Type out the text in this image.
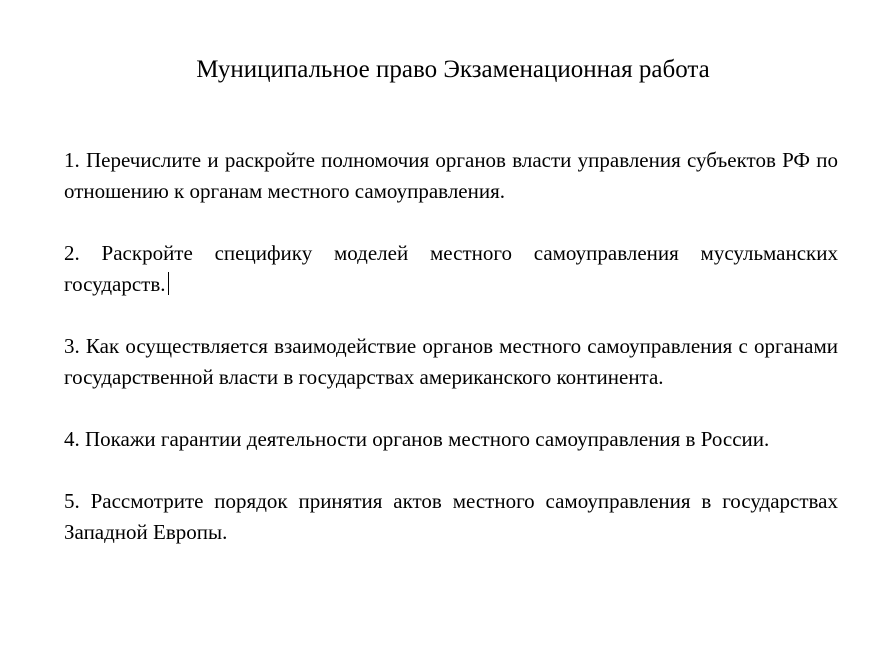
Муниципальное право Экзаменационная работа
1. Перечислите и раскройте полномочия органов власти управления субъектов РФ по отношению к органам местного самоуправления.
2. Раскройте специфику моделей местного самоуправления мусульманских государств.
3. Как осуществляется взаимодействие органов местного самоуправления с органами государственной власти в государствах американского континента.
4. Покажи гарантии деятельности органов местного самоуправления в России.
5. Рассмотрите порядок принятия актов местного самоуправления в государствах Западной Европы.
